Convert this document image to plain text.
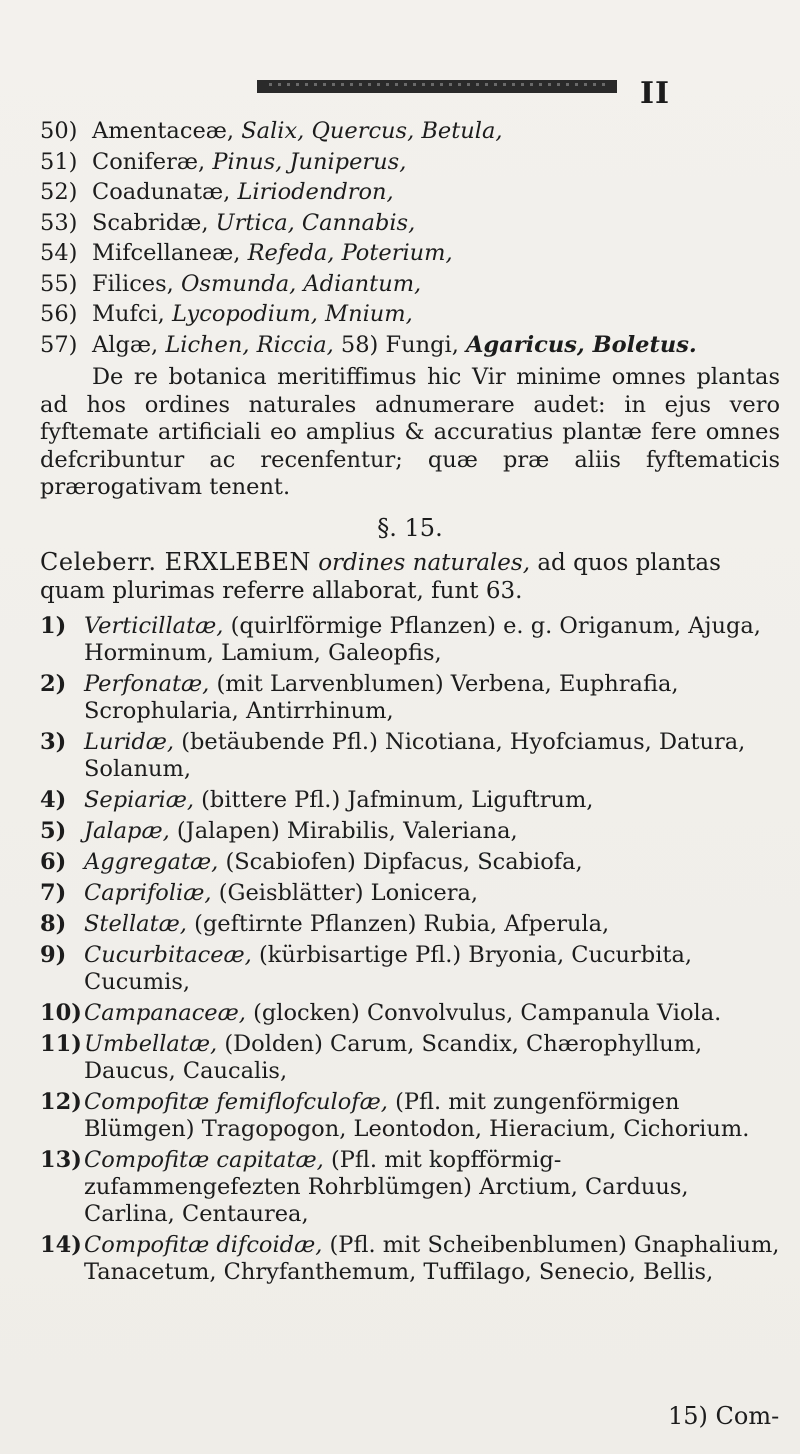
II
50) Amentaceæ,
Salix, Quercus, Betula,
51) Coniferæ,
Pinus, Juniperus,
52) Coadunatæ,
Liriodendron,
53) Scabridæ,
Urtica, Cannabis,
54) Mifcellaneæ,
Refeda, Poterium,
55) Filices,
Osmunda, Adiantum,
56) Mufci,
Lycopodium, Mnium,
57) Algæ,
Lichen, Riccia,
58)
Fungi,
Agaricus, Boletus.

De re botanica meritiffimus hic Vir minime omnes plantas ad hos ordines naturales adnumerare audet: in ejus vero fyftemate artificiali eo amplius & accuratius plantæ fere omnes defcribuntur ac recenfentur; quæ præ aliis fyftematicis prærogativam tenent.

§. 15.

Celeberr. ERXLEBEN ordines naturales, ad quos plantas quam plurimas referre allaborat, funt 63.

1) Verticillatæ, (quirlförmige Pflanzen) e. g. Origanum, Ajuga, Horminum, Lamium, Galeopfis,
2) Perfonatæ, (mit Larvenblumen) Verbena, Euphrafia, Scrophularia, Antirrhinum,
3) Luridæ, (betäubende Pfl.) Nicotiana, Hyofciamus, Datura, Solanum,
4) Sepiariæ, (bittere Pfl.) Jafminum, Liguftrum,
5) Jalapæ, (Jalapen) Mirabilis, Valeriana,
6) Aggregatæ, (Scabiofen) Dipfacus, Scabiofa,
7) Caprifoliæ, (Geisblätter) Lonicera,
8) Stellatæ, (geftirnte Pflanzen) Rubia, Afperula,
9) Cucurbitaceæ, (kürbisartige Pfl.) Bryonia, Cucurbita, Cucumis,
10) Campanaceæ, (glocken) Convolvulus, Campanula Viola.
11) Umbellatæ, (Dolden) Carum, Scandix, Chærophyllum, Daucus, Caucalis,
12) Compofitæ femiflofculofæ, (Pfl. mit zungenförmigen Blümgen) Tragopogon, Leontodon, Hieracium, Cichorium.
13) Compofitæ capitatæ, (Pfl. mit kopfförmig- zufammengefezten Rohrblümgen) Arctium, Carduus, Carlina, Centaurea,
14) Compofitæ difcoidæ, (Pfl. mit Scheibenblumen) Gnaphalium, Tanacetum, Chryfanthemum, Tuffilago, Senecio, Bellis,
15) Com-
